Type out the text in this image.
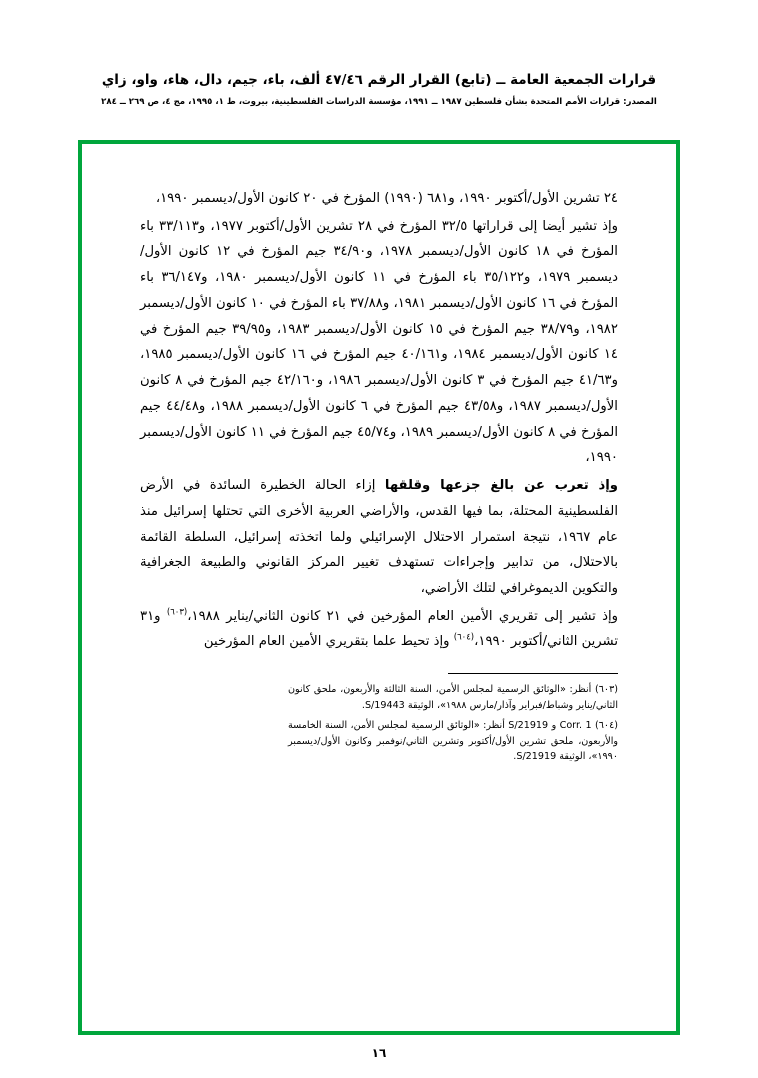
قرارات الجمعية العامة ــ (تابع) القرار الرقم ٤٧/٤٦ ألف، باء، جيم، دال، هاء، واو، زاي
المصدر: قرارات الأمم المتحدة بشأن فلسطين ١٩٨٧ ــ ١٩٩١، مؤسسة الدراسات الفلسطينية، بيروت، ط ١، ١٩٩٥، مج ٤، ص ٢٦٩ ــ ٢٨٤

٢٤ تشرين الأول/أكتوبر ١٩٩٠، و٦٨١ (١٩٩٠) المؤرخ في ٢٠ كانون الأول/ديسمبر ١٩٩٠،

وإذ تشير أيضا إلى قراراتها ٣٢/٥ المؤرخ في ٢٨ تشرين الأول/أكتوبر ١٩٧٧، و٣٣/١١٣ باء المؤرخ في ١٨ كانون الأول/ديسمبر ١٩٧٨، و٣٤/٩٠ جيم المؤرخ في ١٢ كانون الأول/ديسمبر ١٩٧٩، و٣٥/١٢٢ باء المؤرخ في ١١ كانون الأول/ديسمبر ١٩٨٠، و٣٦/١٤٧ باء المؤرخ في ١٦ كانون الأول/ديسمبر ١٩٨١، و٣٧/٨٨ باء المؤرخ في ١٠ كانون الأول/ديسمبر ١٩٨٢، و٣٨/٧٩ جيم المؤرخ في ١٥ كانون الأول/ديسمبر ١٩٨٣، و٣٩/٩٥ جيم المؤرخ في ١٤ كانون الأول/ديسمبر ١٩٨٤، و٤٠/١٦١ جيم المؤرخ في ١٦ كانون الأول/ديسمبر ١٩٨٥، و٤١/٦٣ جيم المؤرخ في ٣ كانون الأول/ديسمبر ١٩٨٦، و٤٢/١٦٠ جيم المؤرخ في ٨ كانون الأول/ديسمبر ١٩٨٧، و٤٣/٥٨ جيم المؤرخ في ٦ كانون الأول/ديسمبر ١٩٨٨، و٤٤/٤٨ جيم المؤرخ في ٨ كانون الأول/ديسمبر ١٩٨٩، و٤٥/٧٤ جيم المؤرخ في ١١ كانون الأول/ديسمبر ١٩٩٠،

وإذ تعرب عن بالغ جزعها وقلقها إزاء الحالة الخطيرة السائدة في الأرض الفلسطينية المحتلة، بما فيها القدس، والأراضي العربية الأخرى التي تحتلها إسرائيل منذ عام ١٩٦٧، نتيجة استمرار الاحتلال الإسرائيلي ولما اتخذته إسرائيل، السلطة القائمة بالاحتلال، من تدابير وإجراءات تستهدف تغيير المركز القانوني والطبيعة الجغرافية والتكوين الديموغرافي لتلك الأراضي،

وإذ تشير إلى تقريري الأمين العام المؤرخين في ٢١ كانون الثاني/يناير ١٩٨٨،$^{(٦٠٣)}$ و٣١ تشرين الثاني/أكتوبر ١٩٩٠،$^{(٦٠٤)}$ وإذ تحيط علما بتقريري الأمين العام المؤرخين

(٦٠٣) أنظر: «الوثائق الرسمية لمجلس الأمن، السنة الثالثة والأربعون، ملحق كانون الثاني/يناير وشباط/فبراير وآذار/مارس ١٩٨٨»، الوثيقة S/19443.
(٦٠٤) S/21919 و Corr. 1 أنظر: «الوثائق الرسمية لمجلس الأمن، السنة الخامسة والأربعون، ملحق تشرين الأول/أكتوبر وتشرين الثاني/نوفمبر وكانون الأول/ديسمبر ١٩٩٠»، الوثيقة S/21919.
١٦
